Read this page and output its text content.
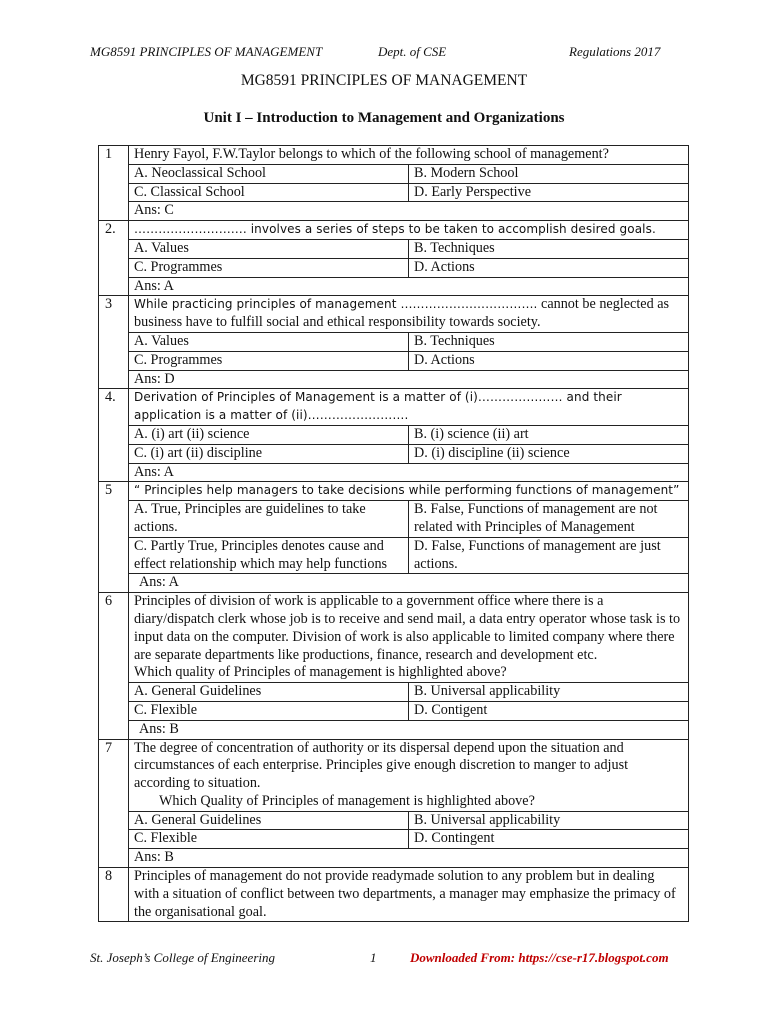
MG8591 PRINCIPLES OF MANAGEMENT	Dept. of CSE	Regulations 2017
MG8591 PRINCIPLES OF MANAGEMENT
Unit I – Introduction to Management and Organizations
1	Henry Fayol, F.W.Taylor belongs to which of the following school of management?	
	A. Neoclassical School	B. Modern School
	C. Classical School	D. Early Perspective
	Ans: C	
2.	………………………. involves a series of steps to be taken to accomplish desired goals.	
	A. Values	B. Techniques
	C. Programmes	D. Actions
	Ans: A	
3	While practicing principles of management ……………………………. cannot be neglected as business have to fulfill social and ethical responsibility towards society.	
	A. Values	B. Techniques
	C. Programmes	D. Actions
	Ans: D	
4.	Derivation of Principles of Management is a matter of (i)………………… and their application is a matter of (ii)…………………….	
	A. (i) art (ii) science	B. (i) science (ii) art
	C. (i) art (ii) discipline	D. (i) discipline (ii) science
	Ans: A	
5	“ Principles help managers to take decisions while performing functions of management”	
	A. True, Principles are guidelines to take actions.	B. False, Functions of management are not related with Principles of Management
	C. Partly True, Principles denotes cause and effect relationship which may help functions	D. False, Functions of management are just actions.
	Ans: A	
6	Principles of division of work is applicable to a government office where there is a diary/dispatch clerk whose job is to receive and send mail, a data entry operator whose task is to input data on the computer. Division of work is also applicable to limited company where there are separate departments like productions, finance, research and development etc.
Which quality of Principles of management is highlighted above?	

	A. General Guidelines	B. Universal applicability
	C. Flexible	D. Contigent
	Ans: B	
7	The degree of concentration of authority or its dispersal depend upon the situation and circumstances of each enterprise. Principles give enough discretion to manger to adjust according to situation.
Which Quality of Principles of management is highlighted above?	

	A. General Guidelines	B. Universal applicability
	C. Flexible	D. Contingent
	Ans: B	
8	Principles of management do not provide readymade solution to any problem but in dealing with a situation of conflict between two departments, a manager may emphasize the primacy of the organisational goal.	
St. Joseph’s College of Engineering	1	Downloaded From: https://cse-r17.blogspot.com
